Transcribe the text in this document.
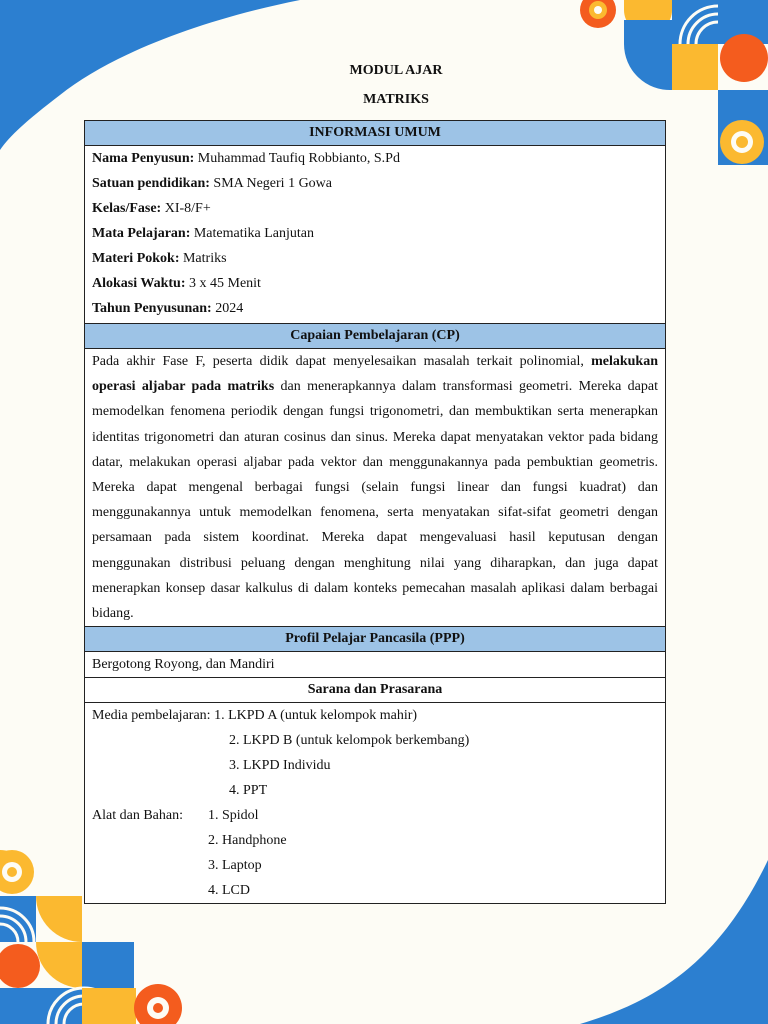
MODUL AJAR
MATRIKS
INFORMASI UMUM

Nama Penyusun: Muhammad Taufiq Robbianto, S.Pd
Satuan pendidikan: SMA Negeri 1 Gowa
Kelas/Fase: XI-8/F+
Mata Pelajaran: Matematika Lanjutan
Materi Pokok: Matriks
Alokasi Waktu: 3 x 45 Menit
Tahun Penyusunan: 2024

Capaian Pembelajaran (CP)
Pada akhir Fase F, peserta didik dapat menyelesaikan masalah terkait polinomial, melakukan operasi aljabar pada matriks dan menerapkannya dalam transformasi geometri. Mereka dapat memodelkan fenomena periodik dengan fungsi trigonometri, dan membuktikan serta menerapkan identitas trigonometri dan aturan cosinus dan sinus. Mereka dapat menyatakan vektor pada bidang datar, melakukan operasi aljabar pada vektor dan menggunakannya pada pembuktian geometris. Mereka dapat mengenal berbagai fungsi (selain fungsi linear dan fungsi kuadrat) dan menggunakannya untuk memodelkan fenomena, serta menyatakan sifat-sifat geometri dengan persamaan pada sistem koordinat. Mereka dapat mengevaluasi hasil keputusan dengan menggunakan distribusi peluang dengan menghitung nilai yang diharapkan, dan juga dapat menerapkan konsep dasar kalkulus di dalam konteks pemecahan masalah aplikasi dalam berbagai bidang.
Profil Pelajar Pancasila (PPP)
Bergotong Royong, dan Mandiri
Sarana dan Prasarana

Media pembelajaran: 1. LKPD A (untuk kelompok mahir)
2. LKPD B (untuk kelompok berkembang)
3. LKPD Individu
4. PPT
Alat dan Bahan: 1. Spidol
2. Handphone
3. Laptop
4. LCD
